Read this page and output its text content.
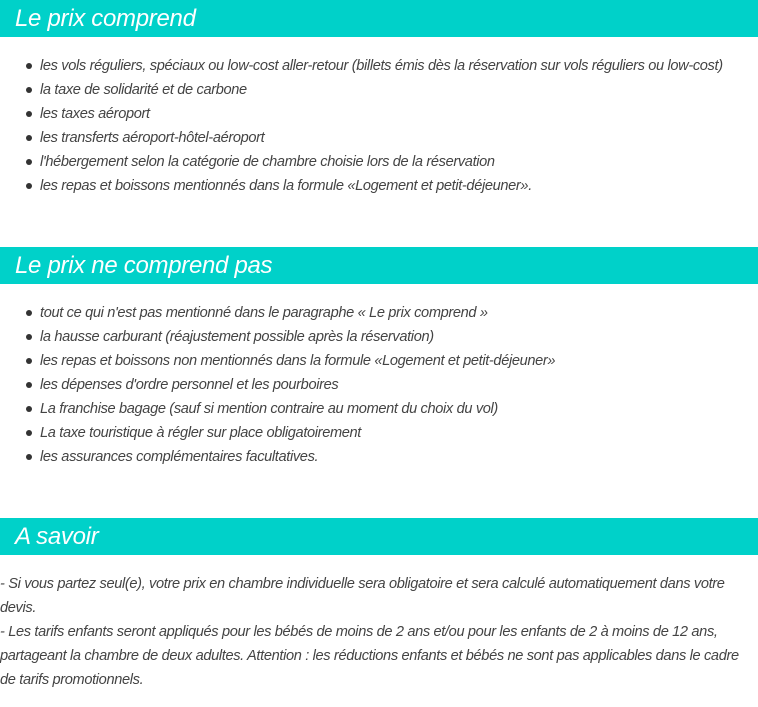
Le prix comprend
les vols réguliers, spéciaux ou low-cost aller-retour (billets émis dès la réservation sur vols réguliers ou low-cost)
la taxe de solidarité et de carbone
les taxes aéroport
les transferts aéroport-hôtel-aéroport
l'hébergement selon la catégorie de chambre choisie lors de la réservation
les repas et boissons mentionnés dans la formule «Logement et petit-déjeuner».
Le prix ne comprend pas
tout ce qui n'est pas mentionné dans le paragraphe « Le prix comprend »
la hausse carburant (réajustement possible après la réservation)
les repas et boissons non mentionnés dans la formule «Logement et petit-déjeuner»
les dépenses d'ordre personnel et les pourboires
La franchise bagage (sauf si mention contraire au moment du choix du vol)
La taxe touristique à régler sur place obligatoirement
les assurances complémentaires facultatives.
A savoir

- Si vous partez seul(e), votre prix en chambre individuelle sera obligatoire et sera calculé automatiquement dans votre devis.

- Les tarifs enfants seront appliqués pour les bébés de moins de 2 ans et/ou pour les enfants de 2 à moins de 12 ans, partageant la chambre de deux adultes. Attention : les réductions enfants et bébés ne sont pas applicables dans le cadre de tarifs promotionnels.
